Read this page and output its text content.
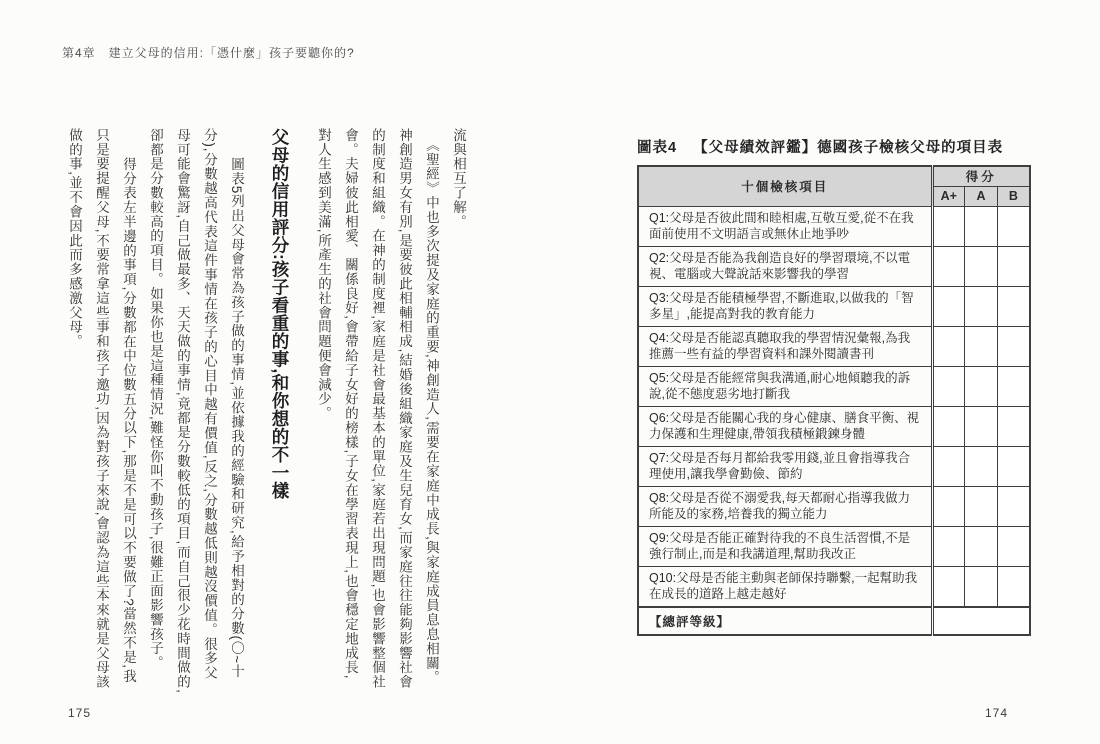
第4章　建立父母的信用:「憑什麼」孩子要聽你的?
流與相互了解。
《聖經》中也多次提及家庭的重要,神創造人,需要在家庭中成長,與家庭成員息息相關。
神創造男女有別,是要彼此相輔相成,結婚後組織家庭及生兒育女,而家庭往往能夠影響社會
的制度和組織。在神的制度裡,家庭是社會最基本的單位,家庭若出現問題,也會影響整個社
會。夫婦彼此相愛、關係良好,會帶給子女好的榜樣,子女在學習表現上,也會穩定地成長,
對人生感到美滿,所產生的社會問題便會減少。
父母的信用評分:孩子看重的事,和你想的不一樣
圖表5列出父母會常為孩子做的事情,並依據我的經驗和研究,給予相對的分數(〇~十
分),分數越高代表這件事情在孩子的心目中越有價值,反之,分數越低則越沒價值。很多父
母可能會驚訝,自己做最多、天天做的事情,竟都是分數較低的項目,而自己很少花時間做的,
卻都是分數較高的項目。如果你也是這種情況,難怪你叫不動孩子,很難正面影響孩子。
得分表左半邊的事項,分數都在中位數五分以下,那是不是可以不要做了?當然不是,我
只是要提醒父母,不要常拿這些事和孩子邀功,因為對孩子來說,會認為這些本來就是父母該
做的事,並不會因此而多感激父母。
175
圖表4 【父母績效評鑑】德國孩子檢核父母的項目表
十個檢核項目	得分		
	A+	A	B
Q1:父母是否彼此間和睦相處,互敬互愛,從不在我面前使用不文明語言或無休止地爭吵			
Q2:父母是否能為我創造良好的學習環境,不以電視、電腦或大聲說話來影響我的學習			
Q3:父母是否能積極學習,不斷進取,以做我的「智多星」,能提高對我的教育能力			
Q4:父母是否能認真聽取我的學習情況彙報,為我推薦一些有益的學習資料和課外閱讀書刊			
Q5:父母是否能經常與我溝通,耐心地傾聽我的訴說,從不態度惡劣地打斷我			
Q6:父母是否能關心我的身心健康、膳食平衡、視力保護和生理健康,帶領我積極鍛鍊身體			
Q7:父母是否每月都給我零用錢,並且會指導我合理使用,讓我學會勤儉、節約			
Q8:父母是否從不溺愛我,每天都耐心指導我做力所能及的家務,培養我的獨立能力			
Q9:父母是否能正確對待我的不良生活習慣,不是強行制止,而是和我講道理,幫助我改正			
Q10:父母是否能主動與老師保持聯繫,一起幫助我在成長的道路上越走越好			
【總評等級】			
174
